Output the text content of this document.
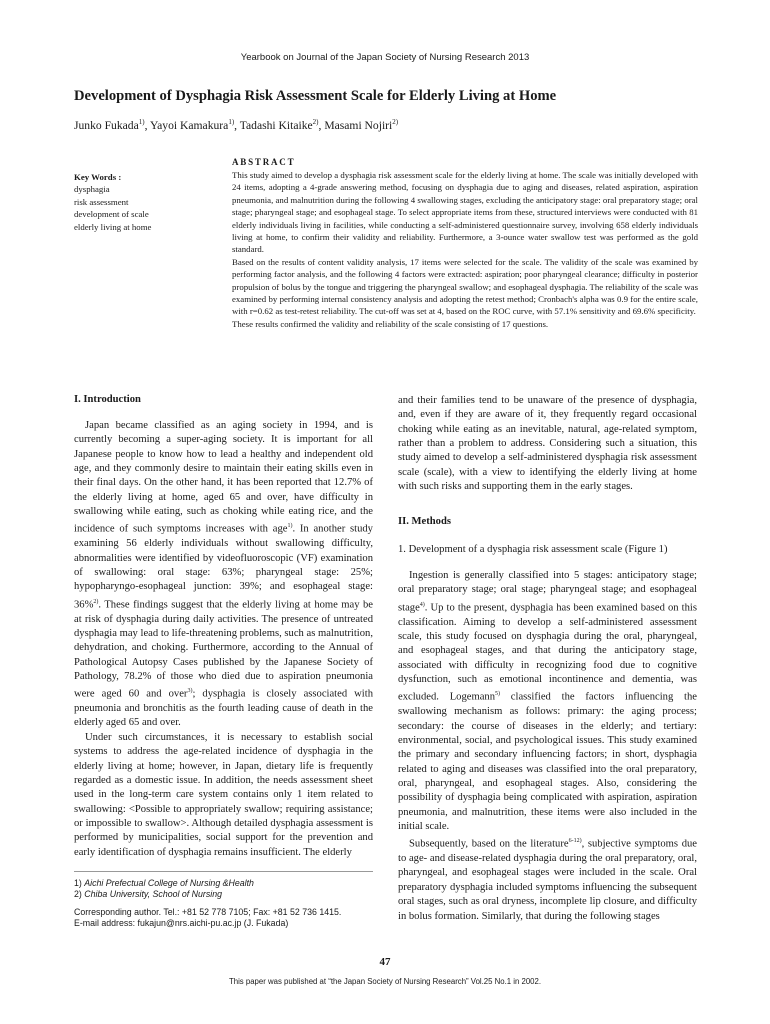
Yearbook on Journal of the Japan Society of Nursing Research 2013
Development of Dysphagia Risk Assessment Scale for Elderly Living at Home
Junko Fukada$^{1)}$, Yayoi Kamakura$^{1)}$, Tadashi Kitaike$^{2)}$, Masami Nojiri$^{2)}$
Key Words :
dysphagia
risk assessment
development of scale
elderly living at home
ABSTRACT

This study aimed to develop a dysphagia risk assessment scale for the elderly living at home. The scale was initially developed with 24 items, adopting a 4-grade answering method, focusing on dysphagia due to aging and diseases, related aspiration, aspiration pneumonia, and malnutrition during the following 4 swallowing stages, excluding the anticipatory stage: oral preparatory stage; oral stage; pharyngeal stage; and esophageal stage. To select appropriate items from these, structured interviews were conducted with 81 elderly individuals living in facilities, while conducting a self-administered questionnaire survey, involving 658 elderly individuals living at home, to confirm their validity and reliability. Furthermore, a 3-ounce water swallow test was performed as the gold standard.

Based on the results of content validity analysis, 17 items were selected for the scale. The validity of the scale was examined by performing factor analysis, and the following 4 factors were extracted: aspiration; poor pharyngeal clearance; difficulty in posterior propulsion of bolus by the tongue and triggering the pharyngeal swallow; and esophageal dysphagia. The reliability of the scale was examined by performing internal consistency analysis and adopting the retest method; Cronbach's alpha was 0.9 for the entire scale, with r=0.62 as test-retest reliability. The cut-off was set at 4, based on the ROC curve, with 57.1% sensitivity and 69.6% specificity.

These results confirmed the validity and reliability of the scale consisting of 17 questions.

I. Introduction

Japan became classified as an aging society in 1994, and is currently becoming a super-aging society. It is important for all Japanese people to know how to lead a healthy and independent old age, and they commonly desire to maintain their eating skills even in their final days. On the other hand, it has been reported that 12.7% of the elderly living at home, aged 65 and over, have difficulty in swallowing while eating, such as choking while eating rice, and the incidence of such symptoms increases with age$^{1)}$. In another study examining 56 elderly individuals without swallowing difficulty, abnormalities were identified by videofluoroscopic (VF) examination of swallowing: oral stage: 63%; pharyngeal stage: 25%; hypopharyngo-esophageal junction: 39%; and esophageal stage: 36%$^{2)}$. These findings suggest that the elderly living at home may be at risk of dysphagia during daily activities. The presence of untreated dysphagia may lead to life-threatening problems, such as malnutrition, dehydration, and choking. Furthermore, according to the Annual of Pathological Autopsy Cases published by the Japanese Society of Pathology, 78.2% of those who died due to aspiration pneumonia were aged 60 and over$^{3)}$; dysphagia is closely associated with pneumonia and bronchitis as the fourth leading cause of death in the elderly aged 65 and over.

Under such circumstances, it is necessary to establish social systems to address the age-related incidence of dysphagia in the elderly living at home; however, in Japan, dietary life is frequently regarded as a domestic issue. In addition, the needs assessment sheet used in the long-term care system contains only 1 item related to swallowing: <Possible to appropriately swallow; requiring assistance; or impossible to swallow>. Although detailed dysphagia assessment is performed by municipalities, social support for the prevention and early identification of dysphagia remains insufficient. The elderly

and their families tend to be unaware of the presence of dysphagia, and, even if they are aware of it, they frequently regard occasional choking while eating as an inevitable, natural, age-related symptom, rather than a problem to address. Considering such a situation, this study aimed to develop a self-administered dysphagia risk assessment scale (scale), with a view to identifying the elderly living at home with such risks and supporting them in the early stages.

II. Methods
1. Development of a dysphagia risk assessment scale (Figure 1)

Ingestion is generally classified into 5 stages: anticipatory stage; oral preparatory stage; oral stage; pharyngeal stage; and esophageal stage$^{4)}$. Up to the present, dysphagia has been examined based on this classification. Aiming to develop a self-administered assessment scale, this study focused on dysphagia during the oral, pharyngeal, and esophageal stages, and that during the anticipatory stage, associated with difficulty in recognizing food due to cognitive dysfunction, such as emotional incontinence and dementia, was excluded. Logemann$^{5)}$ classified the factors influencing the swallowing mechanism as follows: primary: the aging process; secondary: the course of diseases in the elderly; and tertiary: environmental, social, and psychological issues. This study examined the primary and secondary influencing factors; in short, dysphagia related to aging and diseases was classified into the oral preparatory, oral, pharyngeal, and esophageal stages. Also, considering the possibility of dysphagia being complicated with aspiration, aspiration pneumonia, and malnutrition, these items were also included in the initial scale.

Subsequently, based on the literature$^{6-12)}$, subjective symptoms due to age- and disease-related dysphagia during the oral preparatory, oral, pharyngeal, and esophageal stages were included in the scale. Oral preparatory dysphagia included symptoms influencing the subsequent oral stages, such as oral dryness, incomplete lip closure, and difficulty in bolus formation. Similarly, that during the following stages

1) Aichi Prefectual College of Nursing &Health
2) Chiba University, School of Nursing
Corresponding author. Tel.: +81 52 778 7105; Fax: +81 52 736 1415.
E-mail address: fukajun@nrs.aichi-pu.ac.jp (J. Fukada)
47
This paper was published at “the Japan Society of Nursing Research” Vol.25 No.1 in 2002.
